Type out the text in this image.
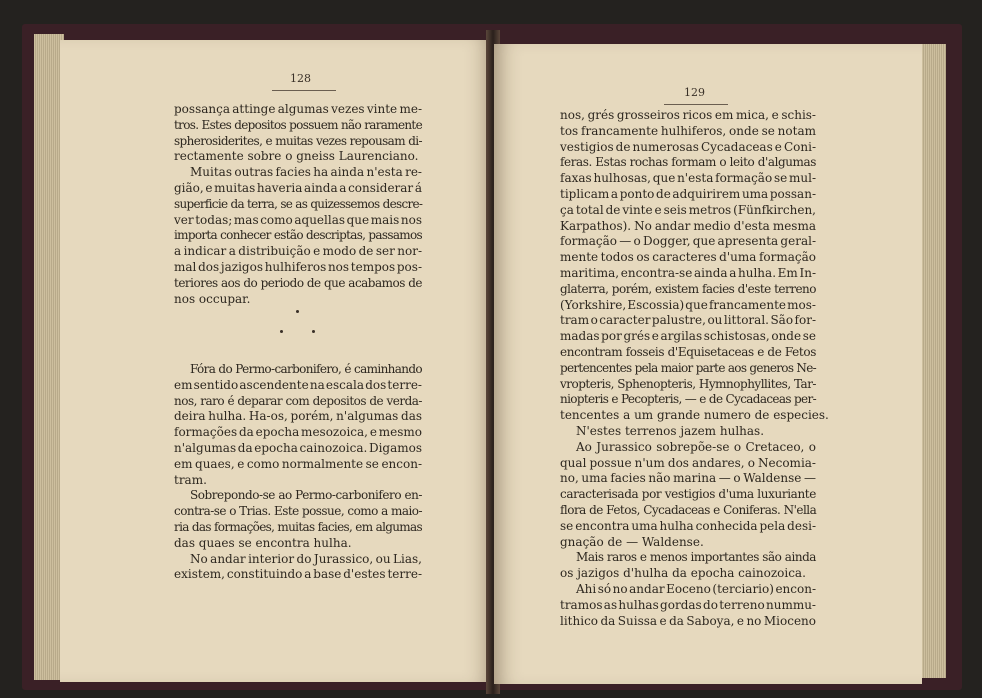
128
possança attinge algumas vezes vinte me-
tros. Estes depositos possuem não raramente
spherosiderites, e muitas vezes repousam di-
rectamente sobre o gneiss Laurenciano.
Muitas outras facies ha ainda n'esta re-
gião, e muitas haveria ainda a considerar á
superficie da terra, se as quizessemos descre-
ver todas; mas como aquellas que mais nos
importa conhecer estão descriptas, passamos
a indicar a distribuição e modo de ser nor-
mal dos jazigos hulhiferos nos tempos pos-
teriores aos do periodo de que acabamos de
nos occupar.
Fóra do Permo-carbonifero, é caminhando
em sentido ascendente na escala dos terre-
nos, raro é deparar com depositos de verda-
deira hulha. Ha-os, porém, n'algumas das
formações da epocha mesozoica, e mesmo
n'algumas da epocha cainozoica. Digamos
em quaes, e como normalmente se encon-
tram.
Sobrepondo-se ao Permo-carbonifero en-
contra-se o Trias. Este possue, como a maio-
ria das formações, muitas facies, em algumas
das quaes se encontra hulha.
No andar interior do Jurassico, ou Lias,
existem, constituindo a base d'estes terre-
129
nos, grés grosseiros ricos em mica, e schis-
tos francamente hulhiferos, onde se notam
vestigios de numerosas Cycadaceas e Coni-
feras. Estas rochas formam o leito d'algumas
faxas hulhosas, que n'esta formação se mul-
tiplicam a ponto de adquirirem uma possan-
ça total de vinte e seis metros (Fünfkirchen,
Karpathos). No andar medio d'esta mesma
formação — o Dogger, que apresenta geral-
mente todos os caracteres d'uma formação
maritima, encontra-se ainda a hulha. Em In-
glaterra, porém, existem facies d'este terreno
(Yorkshire, Escossia) que francamente mos-
tram o caracter palustre, ou littoral. São for-
madas por grés e argilas schistosas, onde se
encontram fosseis d'Equisetaceas e de Fetos
pertencentes pela maior parte aos generos Ne-
vropteris, Sphenopteris, Hymnophyllites, Tar-
niopteris e Pecopteris, — e de Cycadaceas per-
tencentes a um grande numero de especies.
N'estes terrenos jazem hulhas.
Ao Jurassico sobrepõe-se o Cretaceo, o
qual possue n'um dos andares, o Necomia-
no, uma facies não marina — o Waldense —
caracterisada por vestigios d'uma luxuriante
flora de Fetos, Cycadaceas e Coniferas. N'ella
se encontra uma hulha conhecida pela desi-
gnação de — Waldense.
Mais raros e menos importantes são ainda
os jazigos d'hulha da epocha cainozoica.
Ahi só no andar Eoceno (terciario) encon-
tramos as hulhas gordas do terreno nummu-
lithico da Suissa e da Saboya, e no Mioceno
